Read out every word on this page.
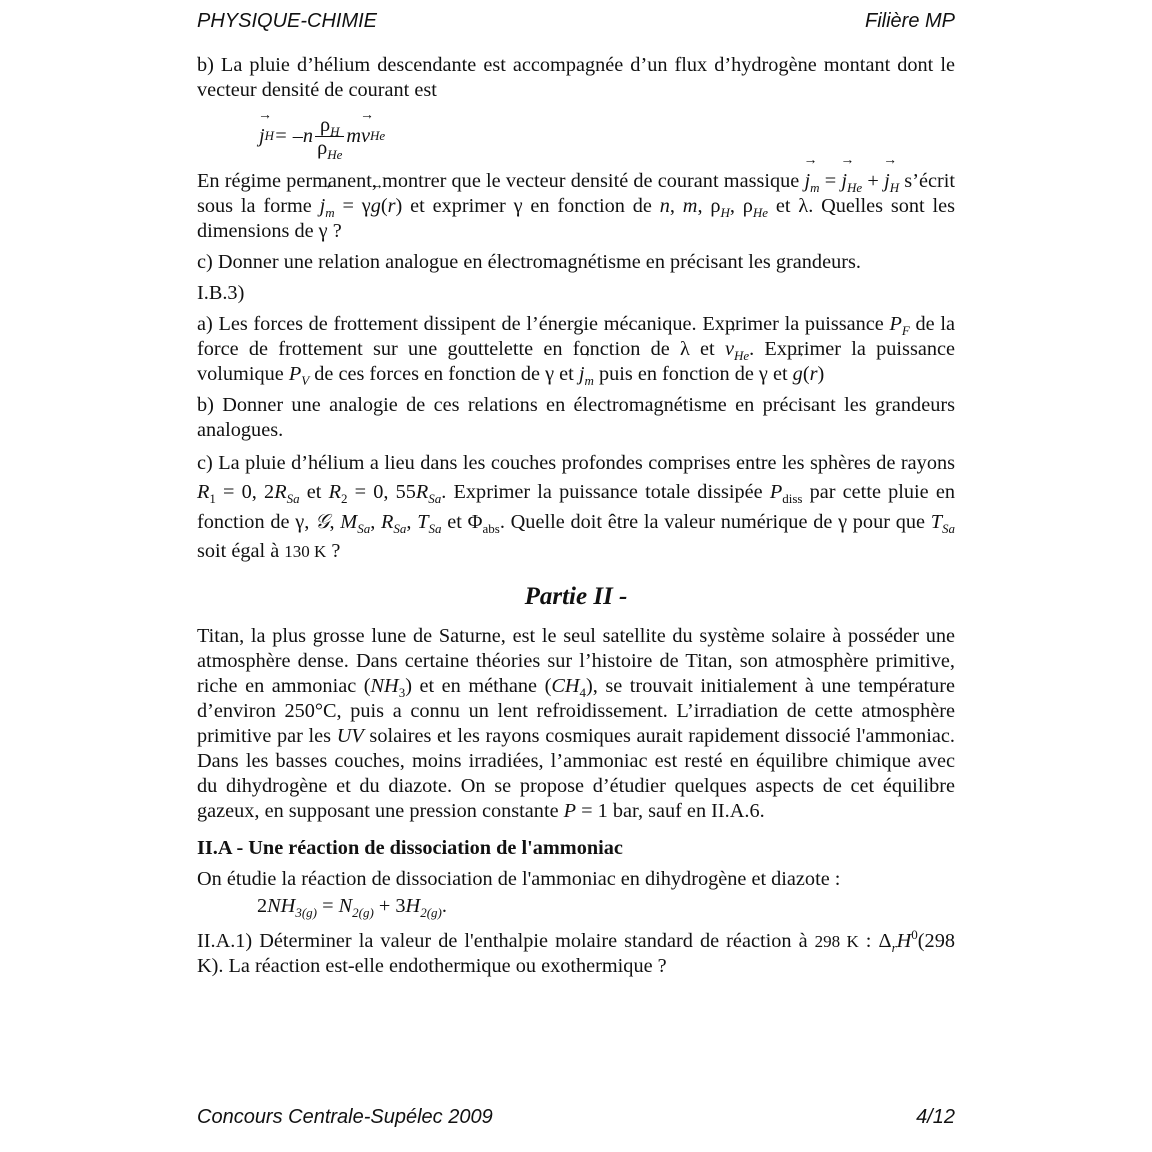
PHYSIQUE-CHIMIE	Filière MP

b) La pluie d’hélium descendante est accompagnée d’un flux d’hydrogène montant dont le vecteur densité de courant est

→ j $H = -n \frac{\rho_H}{\rho_{He}}$ m → v He

En régime permanent, montrer que le vecteur densité de courant massique → $j_m$ = → $j_{He}$ + → $j_H$ s’écrit sous la forme → $j_m = \gamma\to g(r)$ et exprimer γ en fonction de n, m, $\rho_H$, $\rho_{He}$ et λ. Quelles sont les dimensions de γ ?

c) Donner une relation analogue en électromagnétisme en précisant les grandeurs.

I.B.3)

a) Les forces de frottement dissipent de l’énergie mécanique. Exprimer la puissance $P_F$ de la force de frottement sur une gouttelette en fonction de λ et → $v_{He}$. Exprimer la puissance volumique $P_V$ de ces forces en fonction de γ et → $j_m$ puis en fonction de γ et → g(r)

b) Donner une analogie de ces relations en électromagnétisme en précisant les grandeurs analogues.

c) La pluie d’hélium a lieu dans les couches profondes comprises entre les sphères de rayons $R_1 = 0$, $2R_{Sa}$ et $R_2 = 0$, $55R_{Sa}$. Exprimer la puissance totale dissipée $P_{diss}$ par cette pluie en fonction de γ, 𝒢, $M_{Sa}$, $R_{Sa}$, $T_{Sa}$ et $\Phi_{abs}$. Quelle doit être la valeur numérique de γ pour que $T_{Sa}$ soit égal à 130 K ?

Partie II -

Titan, la plus grosse lune de Saturne, est le seul satellite du système solaire à posséder une atmosphère dense. Dans certaine théories sur l’histoire de Titan, son atmosphère primitive, riche en ammoniac $(NH_3)$ et en méthane $(CH_4)$, se trouvait initialement à une température d’environ 250°C, puis a connu un lent refroidissement. L’irradiation de cette atmosphère primitive par les UV solaires et les rayons cosmiques aurait rapidement dissocié l'ammoniac. Dans les basses couches, moins irradiées, l’ammoniac est resté en équilibre chimique avec du dihydrogène et du diazote. On se propose d’étudier quelques aspects de cet équilibre gazeux, en supposant une pression constante P = 1 bar, sauf en II.A.6.

II.A - Une réaction de dissociation de l'ammoniac

On étudie la réaction de dissociation de l'ammoniac en dihydrogène et diazote :

$2NH_{3(g)} = N_{2(g)} + 3H_{2(g)}$.

II.A.1) Déterminer la valeur de l'enthalpie molaire standard de réaction à 298 K : $\Delta_rH^0(298$ K). La réaction est-elle endothermique ou exothermique ?

Concours Centrale-Supélec 2009	4/12
